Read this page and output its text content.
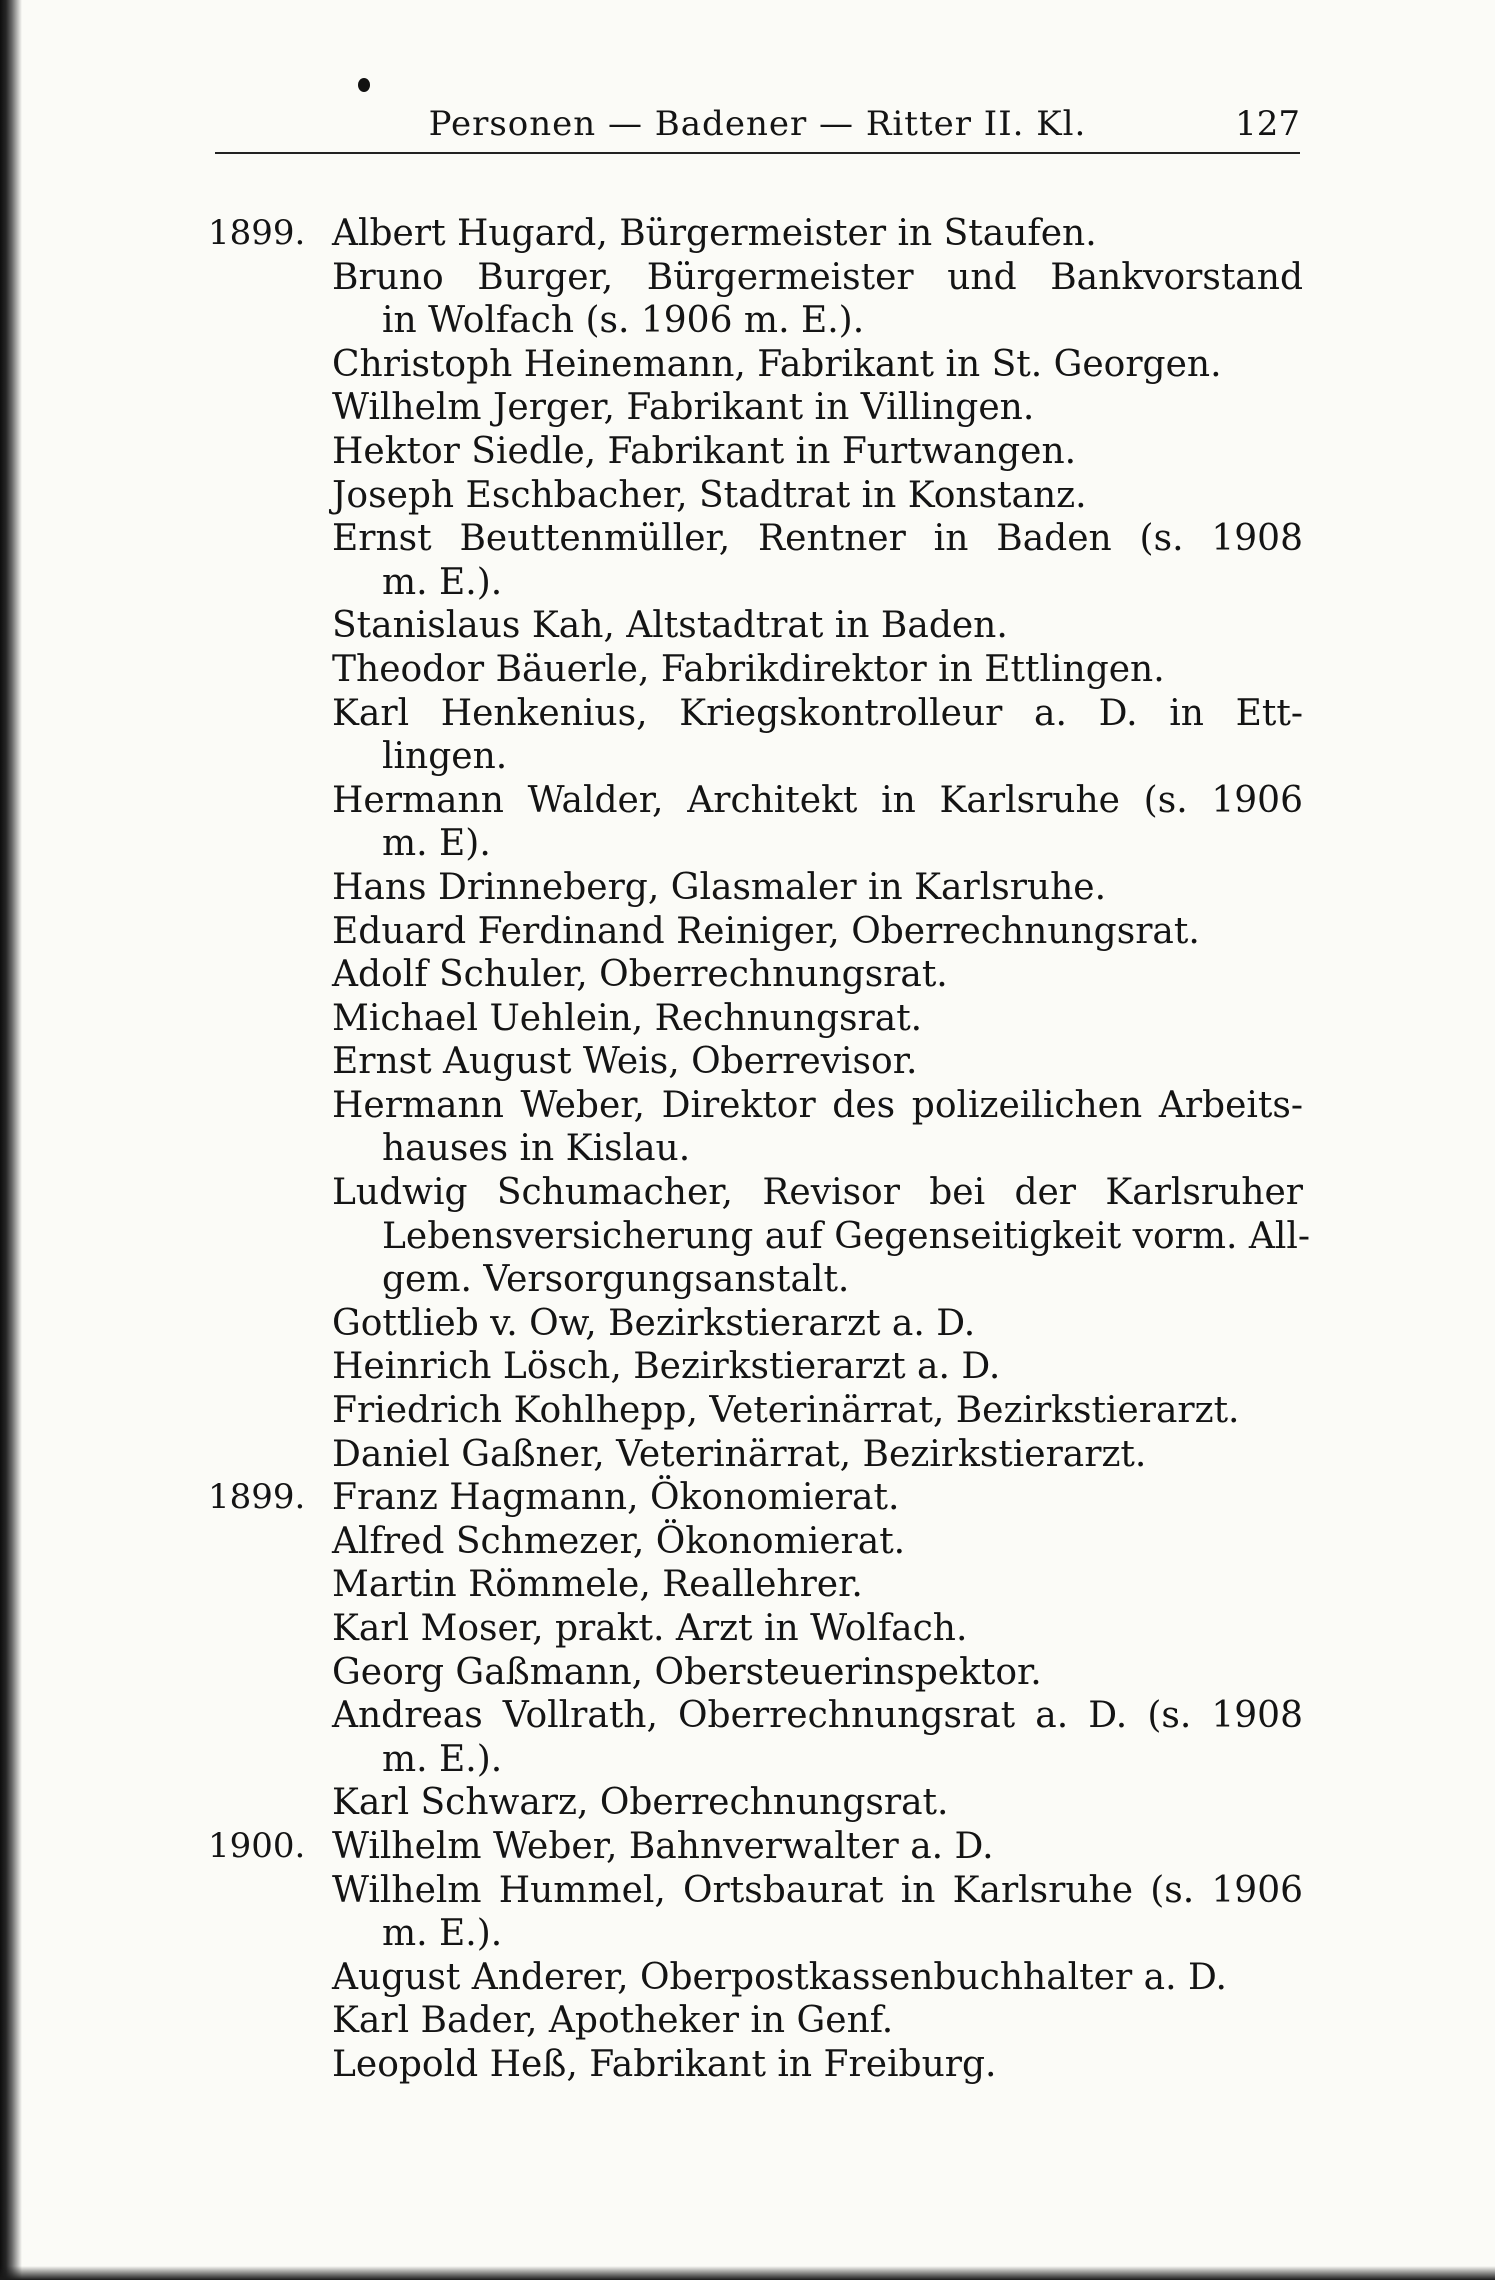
Personen — Badener — Ritter II. Kl.	127
1899. Albert Hugard, Bürgermeister in Staufen.
Bruno Burger, Bürgermeister und Bankvorstand
in Wolfach (s. 1906 m. E.).
Christoph Heinemann, Fabrikant in St. Georgen.
Wilhelm Jerger, Fabrikant in Villingen.
Hektor Siedle, Fabrikant in Furtwangen.
Joseph Eschbacher, Stadtrat in Konstanz.
Ernst Beuttenmüller, Rentner in Baden (s. 1908
m. E.).
Stanislaus Kah, Altstadtrat in Baden.
Theodor Bäuerle, Fabrikdirektor in Ettlingen.
Karl Henkenius, Kriegskontrolleur a. D. in Ett-
lingen.
Hermann Walder, Architekt in Karlsruhe (s. 1906
m. E).
Hans Drinneberg, Glasmaler in Karlsruhe.
Eduard Ferdinand Reiniger, Oberrechnungsrat.
Adolf Schuler, Oberrechnungsrat.
Michael Uehlein, Rechnungsrat.
Ernst August Weis, Oberrevisor.
Hermann Weber, Direktor des polizeilichen Arbeits-
hauses in Kislau.
Ludwig Schumacher, Revisor bei der Karlsruher
Lebensversicherung auf Gegenseitigkeit vorm. All-
gem. Versorgungsanstalt.
Gottlieb v. Ow, Bezirkstierarzt a. D.
Heinrich Lösch, Bezirkstierarzt a. D.
Friedrich Kohlhepp, Veterinärrat, Bezirkstierarzt.
Daniel Gaßner, Veterinärrat, Bezirkstierarzt.
1899. Franz Hagmann, Ökonomierat.
Alfred Schmezer, Ökonomierat.
Martin Römmele, Reallehrer.
Karl Moser, prakt. Arzt in Wolfach.
Georg Gaßmann, Obersteuerinspektor.
Andreas Vollrath, Oberrechnungsrat a. D. (s. 1908
m. E.).
Karl Schwarz, Oberrechnungsrat.
1900. Wilhelm Weber, Bahnverwalter a. D.
Wilhelm Hummel, Ortsbaurat in Karlsruhe (s. 1906
m. E.).
August Anderer, Oberpostkassenbuchhalter a. D.
Karl Bader, Apotheker in Genf.
Leopold Heß, Fabrikant in Freiburg.
